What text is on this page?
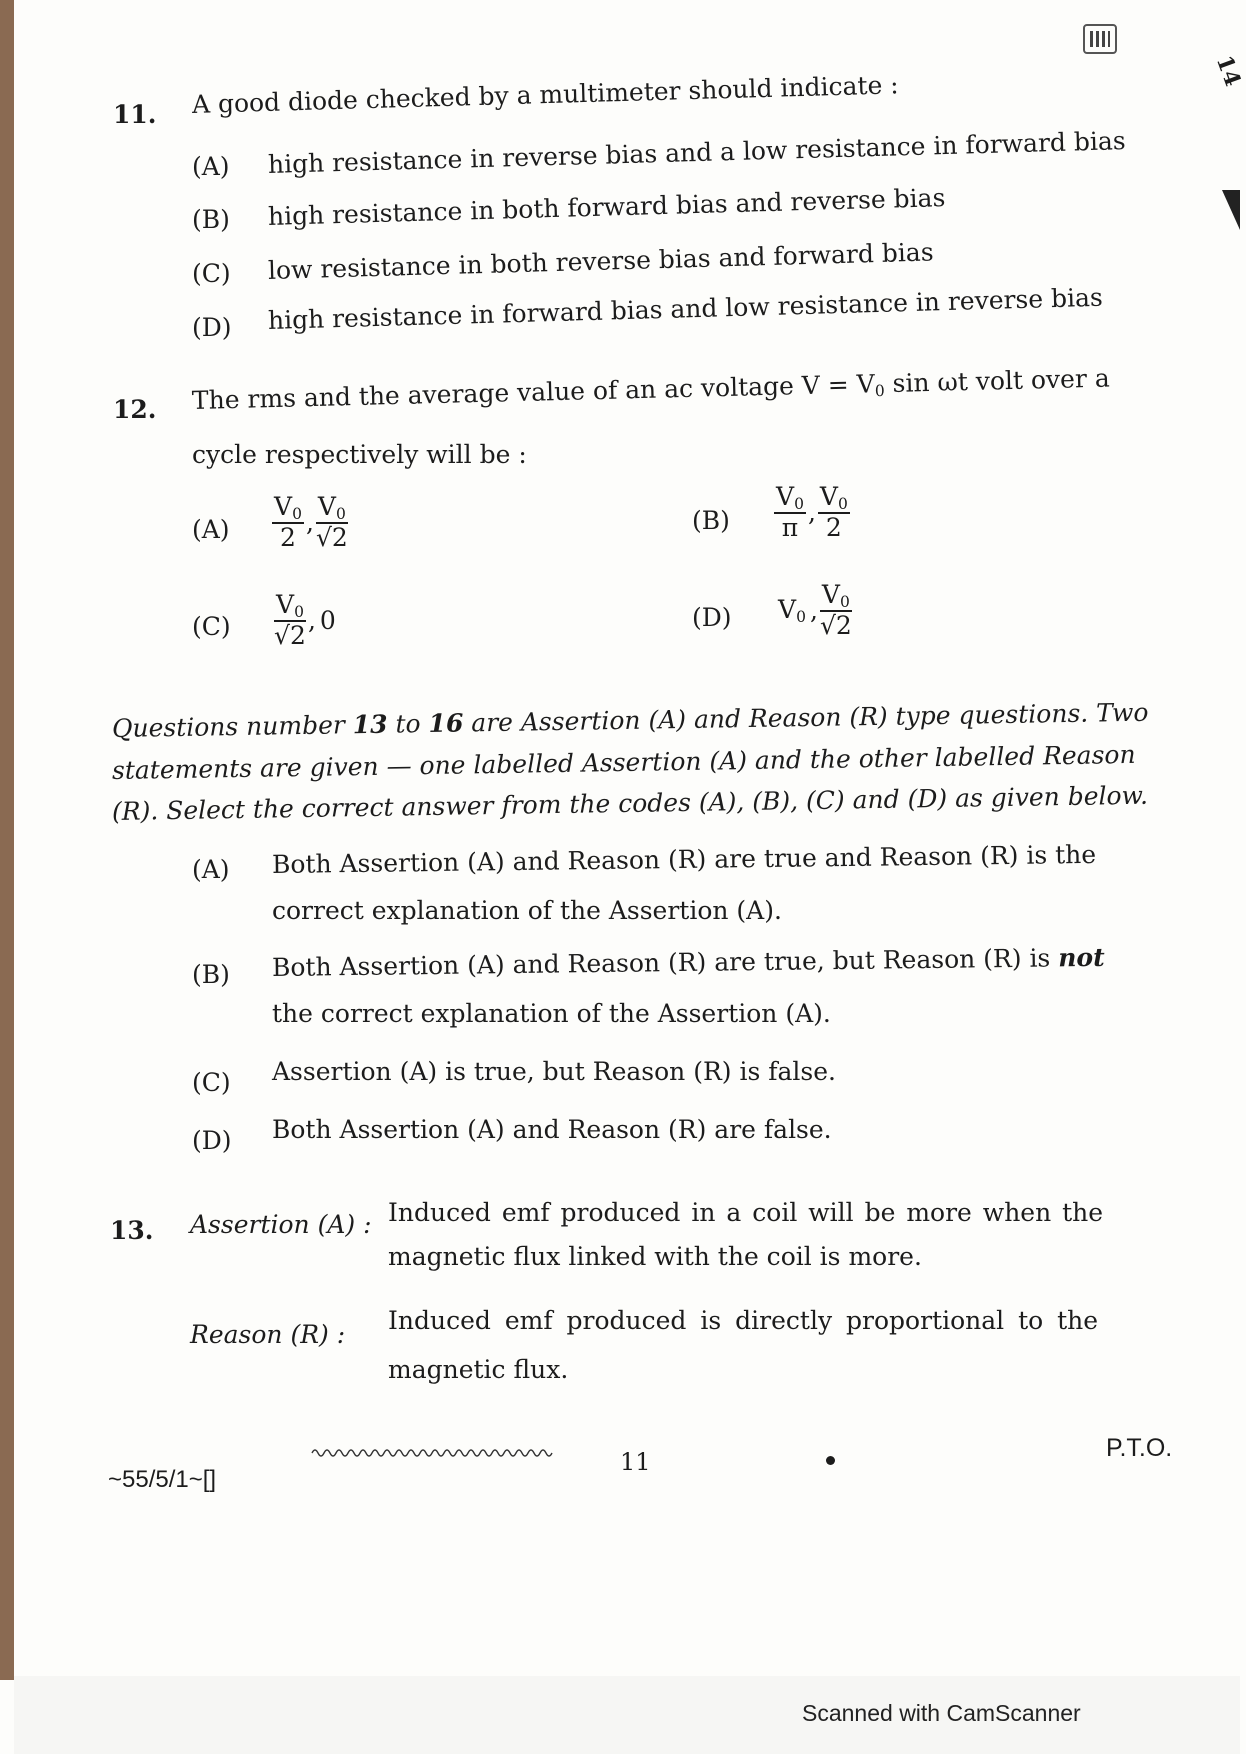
14
11. A good diode checked by a multimeter should indicate :
(A) high resistance in reverse bias and a low resistance in forward bias
(B) high resistance in both forward bias and reverse bias
(C) low resistance in both reverse bias and forward bias
(D) high resistance in forward bias and low resistance in reverse bias
12. The rms and the average value of an ac voltage $V = V_0$ sin ωt volt over a
cycle respectively will be :
$(A) \frac{V_0}{2}$ , $\frac{V_0}{√2}$	$(B) \frac{V_0}{\pi}$ , $\frac{V_0}{2}$
$(C) \frac{V_0}{√2}$ , 0	(D) $V_0$ , $\frac{V_0}{√2}$
Questions number 13 to 16 are Assertion (A) and Reason (R) type questions. Two
statements are given — one labelled Assertion (A) and the other labelled Reason
(R). Select the correct answer from the codes (A), (B), (C) and (D) as given below.
(A) Both Assertion (A) and Reason (R) are true and Reason (R) is the
correct explanation of the Assertion (A).
(B) Both Assertion (A) and Reason (R) are true, but Reason (R) is not
the correct explanation of the Assertion (A).
(C) Assertion (A) is true, but Reason (R) is false.
(D) Both Assertion (A) and Reason (R) are false.
13. Assertion (A) : Induced emf produced in a coil will be more when the
magnetic flux linked with the coil is more.
Reason (R) : Induced emf produced is directly proportional to the
magnetic flux.
~55/5/1~[]
11	P.T.O.
Scanned with CamScanner
